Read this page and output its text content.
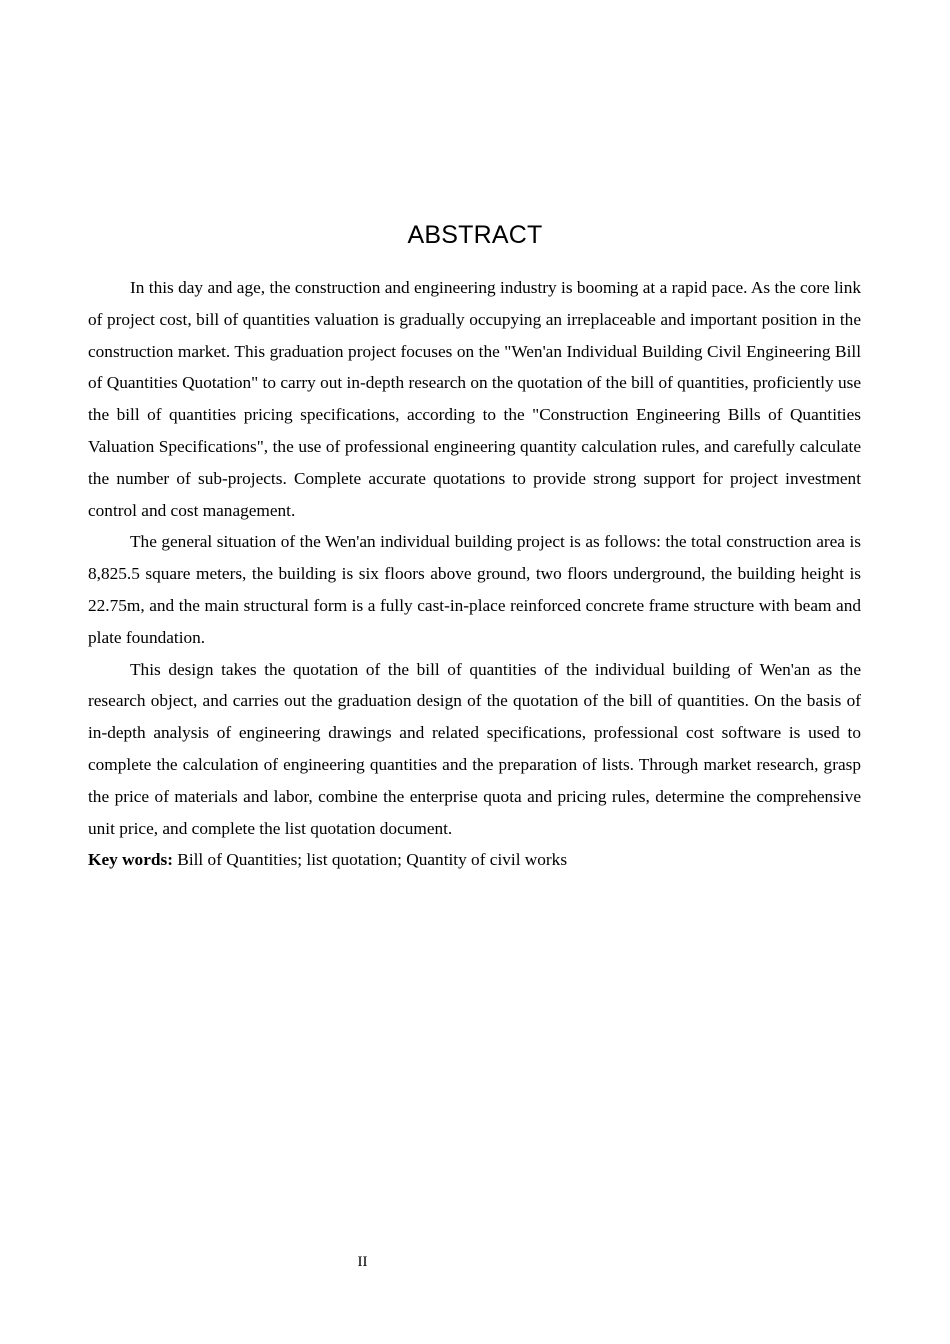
ABSTRACT

In this day and age, the construction and engineering industry is booming at a rapid pace. As the core link of project cost, bill of quantities valuation is gradually occupying an irreplaceable and important position in the construction market. This graduation project focuses on the "Wen'an Individual Building Civil Engineering Bill of Quantities Quotation" to carry out in-depth research on the quotation of the bill of quantities, proficiently use the bill of quantities pricing specifications, according to the "Construction Engineering Bills of Quantities Valuation Specifications", the use of professional engineering quantity calculation rules, and carefully calculate the number of sub-projects. Complete accurate quotations to provide strong support for project investment control and cost management.

The general situation of the Wen'an individual building project is as follows: the total construction area is 8,825.5 square meters, the building is six floors above ground, two floors underground, the building height is 22.75m, and the main structural form is a fully cast-in-place reinforced concrete frame structure with beam and plate foundation.

This design takes the quotation of the bill of quantities of the individual building of Wen'an as the research object, and carries out the graduation design of the quotation of the bill of quantities. On the basis of in-depth analysis of engineering drawings and related specifications, professional cost software is used to complete the calculation of engineering quantities and the preparation of lists. Through market research, grasp the price of materials and labor, combine the enterprise quota and pricing rules, determine the comprehensive unit price, and complete the list quotation document.

Key words: Bill of Quantities; list quotation; Quantity of civil works

II
